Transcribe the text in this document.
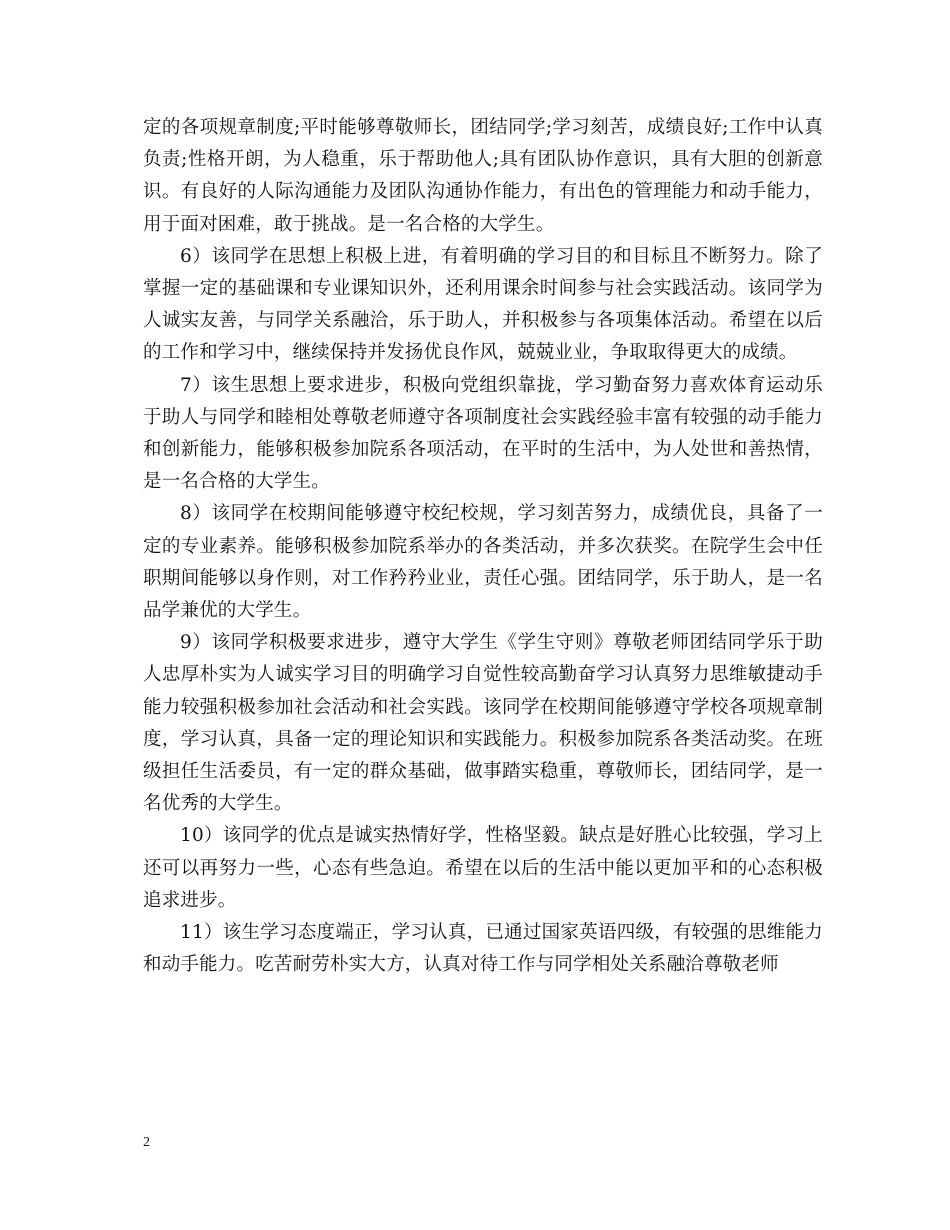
定的各项规章制度;平时能够尊敬师长，团结同学;学习刻苦，成绩良好;工作中认真负责;性格开朗，为人稳重，乐于帮助他人;具有团队协作意识，具有大胆的创新意识。有良好的人际沟通能力及团队沟通协作能力，有出色的管理能力和动手能力，用于面对困难，敢于挑战。是一名合格的大学生。

6）该同学在思想上积极上进，有着明确的学习目的和目标且不断努力。除了掌握一定的基础课和专业课知识外，还利用课余时间参与社会实践活动。该同学为人诚实友善，与同学关系融洽，乐于助人，并积极参与各项集体活动。希望在以后的工作和学习中，继续保持并发扬优良作风，兢兢业业，争取取得更大的成绩。

7）该生思想上要求进步，积极向党组织靠拢，学习勤奋努力喜欢体育运动乐于助人与同学和睦相处尊敬老师遵守各项制度社会实践经验丰富有较强的动手能力和创新能力，能够积极参加院系各项活动，在平时的生活中，为人处世和善热情，是一名合格的大学生。

8）该同学在校期间能够遵守校纪校规，学习刻苦努力，成绩优良，具备了一定的专业素养。能够积极参加院系举办的各类活动，并多次获奖。在院学生会中任职期间能够以身作则，对工作矜矜业业，责任心强。团结同学，乐于助人，是一名品学兼优的大学生。

9）该同学积极要求进步，遵守大学生《学生守则》尊敬老师团结同学乐于助人忠厚朴实为人诚实学习目的明确学习自觉性较高勤奋学习认真努力思维敏捷动手能力较强积极参加社会活动和社会实践。该同学在校期间能够遵守学校各项规章制度，学习认真，具备一定的理论知识和实践能力。积极参加院系各类活动奖。在班级担任生活委员，有一定的群众基础，做事踏实稳重，尊敬师长，团结同学，是一名优秀的大学生。

10）该同学的优点是诚实热情好学，性格坚毅。缺点是好胜心比较强，学习上还可以再努力一些，心态有些急迫。希望在以后的生活中能以更加平和的心态积极追求进步。

11）该生学习态度端正，学习认真，已通过国家英语四级，有较强的思维能力和动手能力。吃苦耐劳朴实大方，认真对待工作与同学相处关系融洽尊敬老师

2
